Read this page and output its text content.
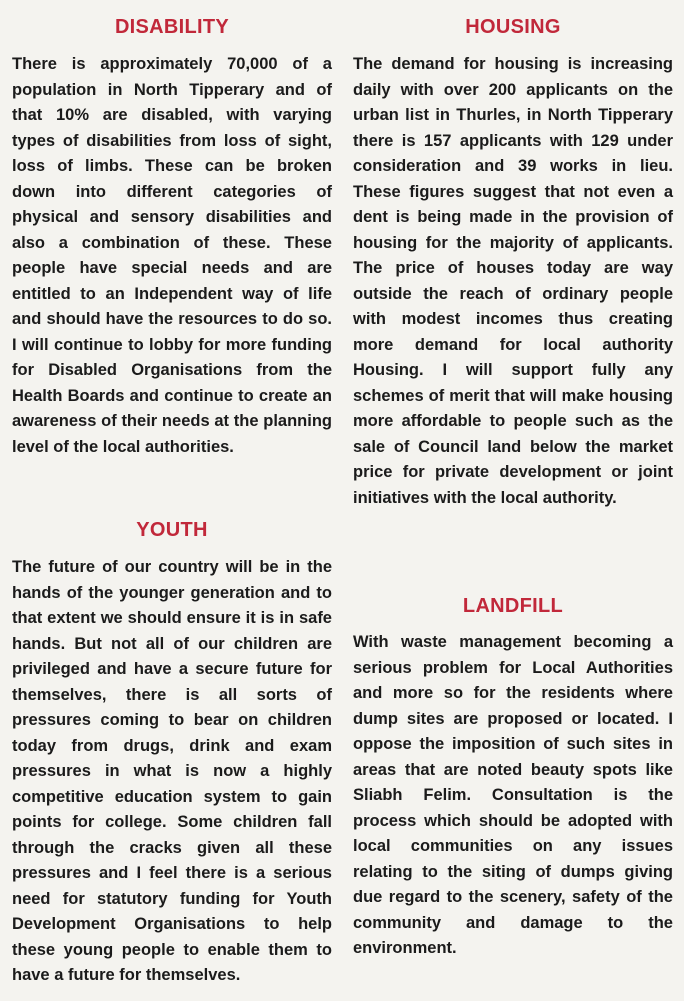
DISABILITY

There is approximately 70,000 of a population in North Tipperary and of that 10% are disabled, with varying types of disabilities from loss of sight, loss of limbs. These can be broken down into different categories of physical and sensory disabilities and also a combination of these. These people have special needs and are entitled to an Independent way of life and should have the resources to do so. I will continue to lobby for more funding for Disabled Organisations from the Health Boards and continue to create an awareness of their needs at the planning level of the local authorities.

YOUTH

The future of our country will be in the hands of the younger generation and to that extent we should ensure it is in safe hands. But not all of our children are privileged and have a secure future for themselves, there is all sorts of pressures coming to bear on children today from drugs, drink and exam pressures in what is now a highly competitive education system to gain points for college. Some children fall through the cracks given all these pressures and I feel there is a serious need for statutory funding for Youth Development Organisations to help these young people to enable them to have a future for themselves.

HOUSING

The demand for housing is increasing daily with over 200 applicants on the urban list in Thurles, in North Tipperary there is 157 applicants with 129 under consideration and 39 works in lieu. These figures suggest that not even a dent is being made in the provision of housing for the majority of applicants. The price of houses today are way outside the reach of ordinary people with modest incomes thus creating more demand for local authority Housing. I will support fully any schemes of merit that will make housing more affordable to people such as the sale of Council land below the market price for private development or joint initiatives with the local authority.

LANDFILL

With waste management becoming a serious problem for Local Authorities and more so for the residents where dump sites are proposed or located. I oppose the imposition of such sites in areas that are noted beauty spots like Sliabh Felim. Consultation is the process which should be adopted with local communities on any issues relating to the siting of dumps giving due regard to the scenery, safety of the community and damage to the environment.
